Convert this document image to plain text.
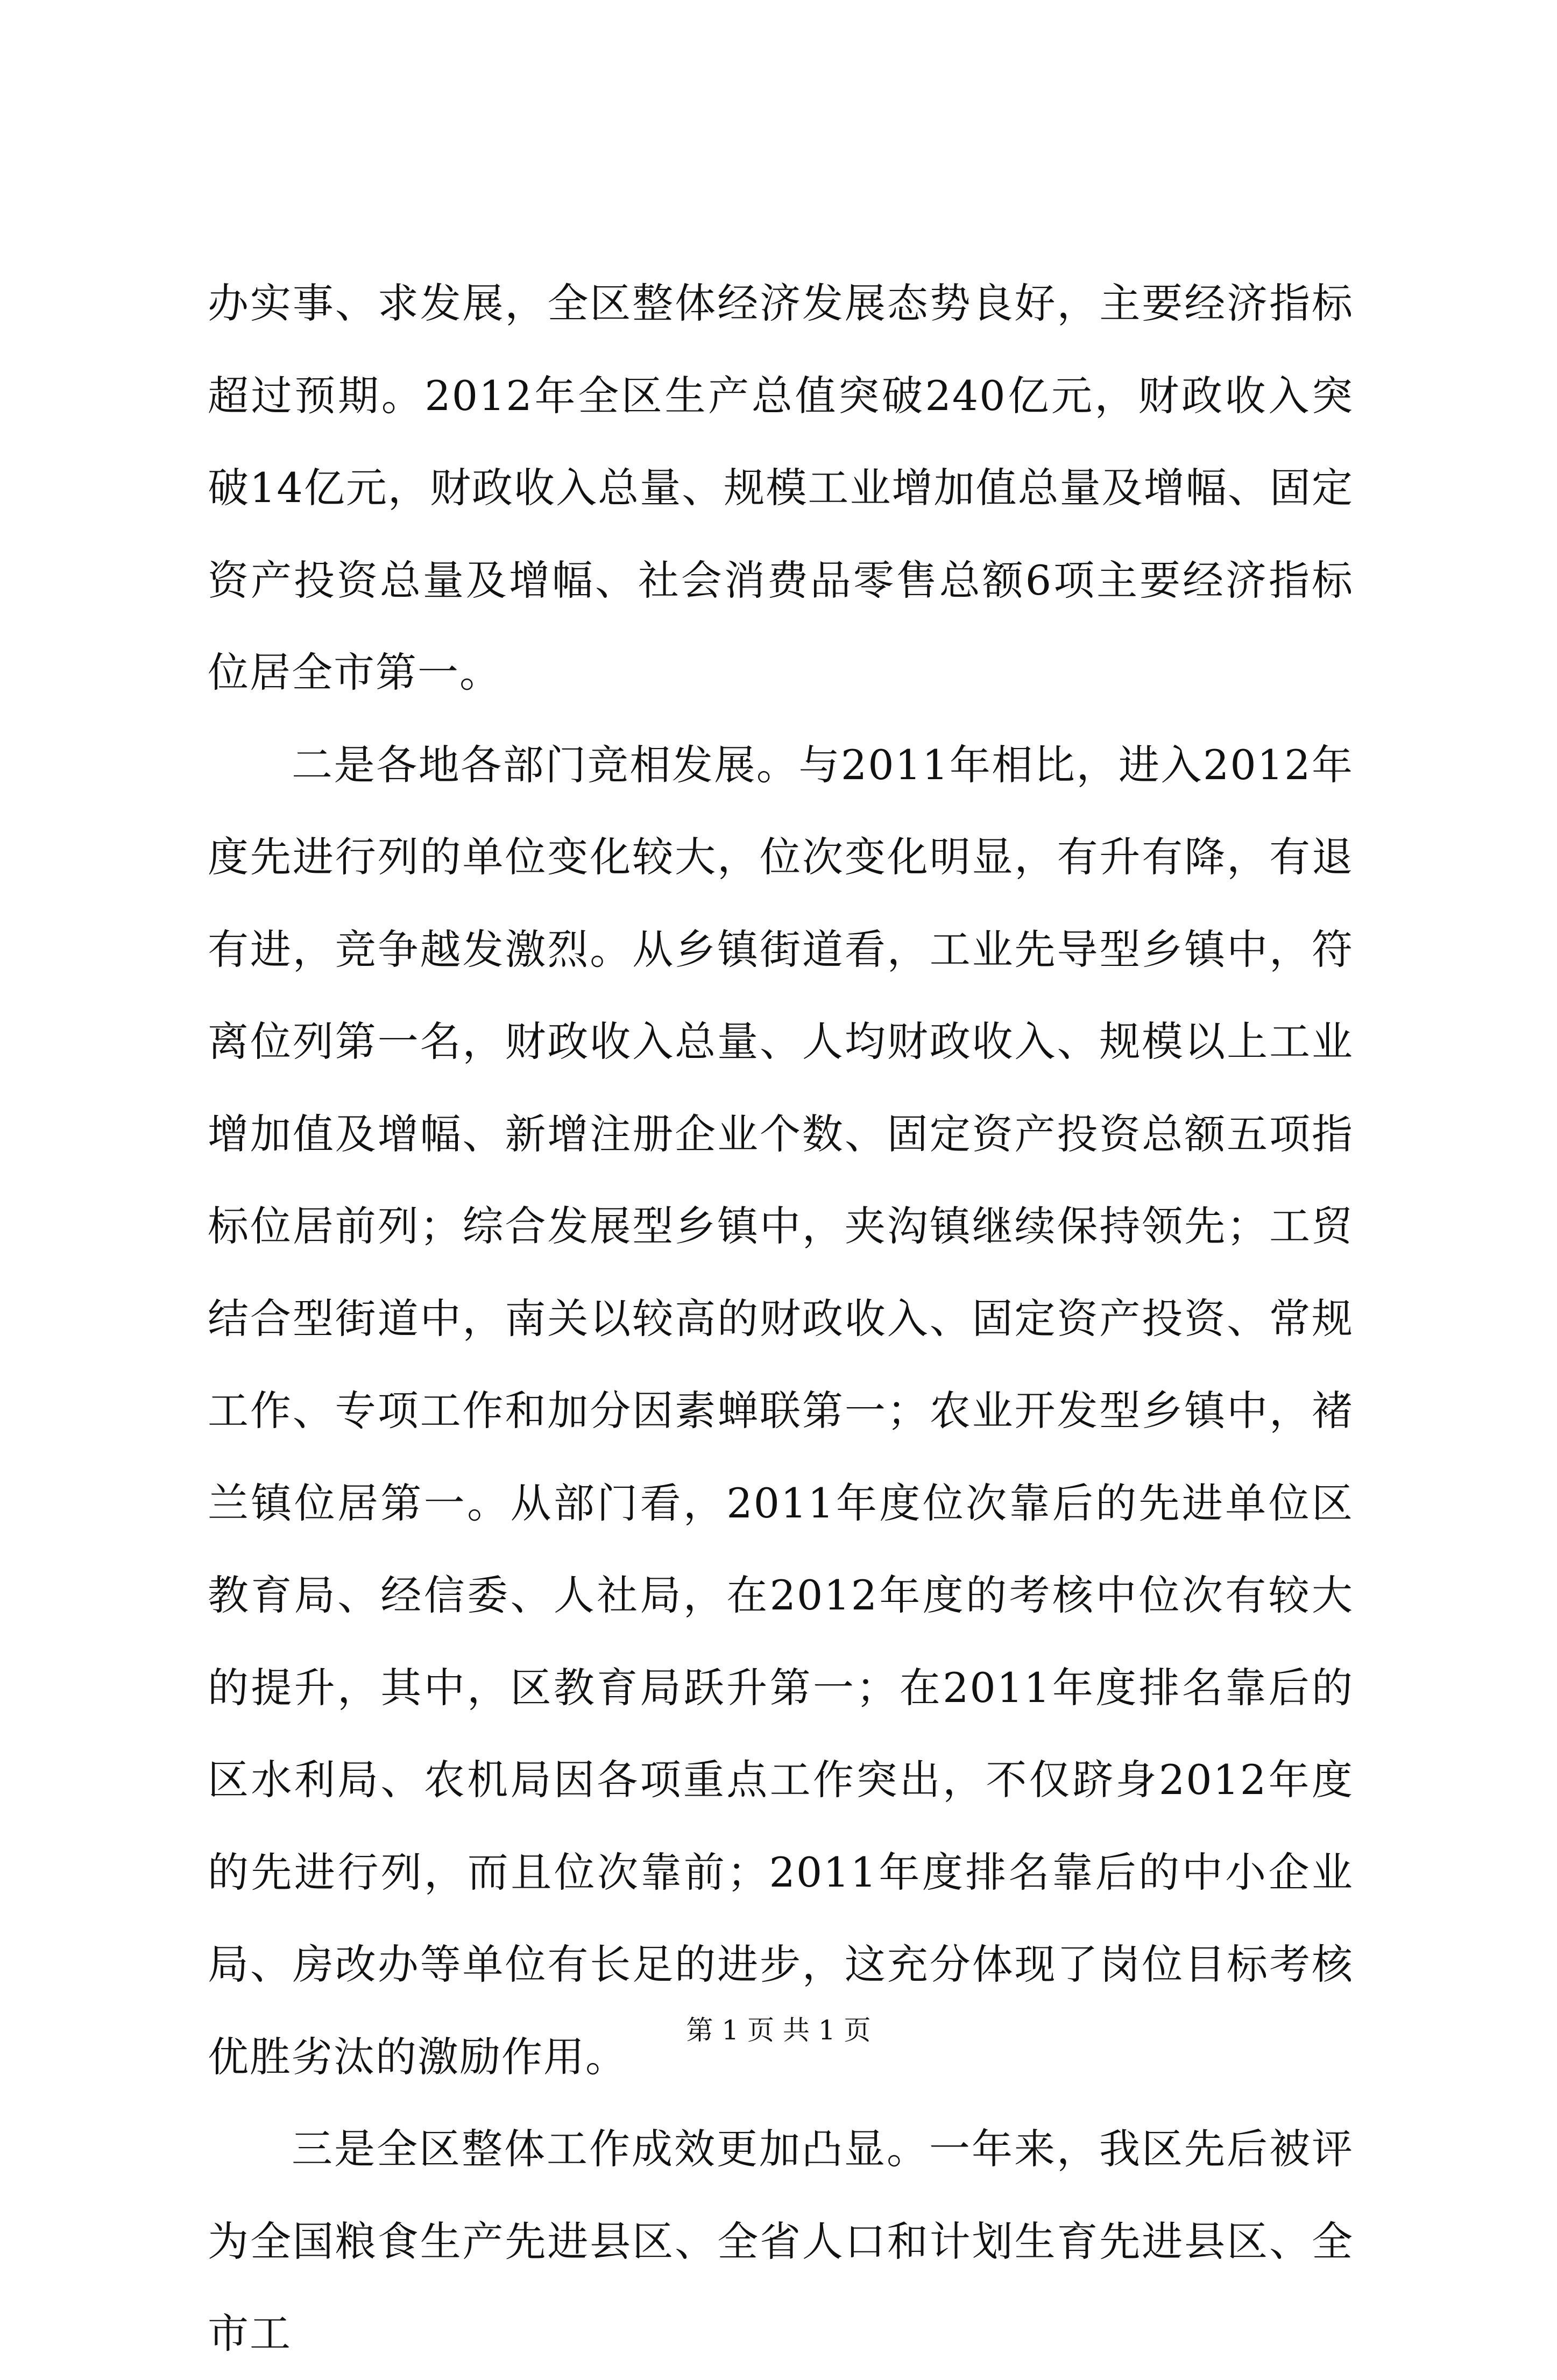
办实事、求发展，全区整体经济发展态势良好，主要经济指标超过预期。2012年全区生产总值突破240亿元，财政收入突破14亿元，财政收入总量、规模工业增加值总量及增幅、固定资产投资总量及增幅、社会消费品零售总额6项主要经济指标位居全市第一。

二是各地各部门竞相发展。与2011年相比，进入2012年度先进行列的单位变化较大，位次变化明显，有升有降，有退有进，竞争越发激烈。从乡镇街道看，工业先导型乡镇中，符离位列第一名，财政收入总量、人均财政收入、规模以上工业增加值及增幅、新增注册企业个数、固定资产投资总额五项指标位居前列；综合发展型乡镇中，夹沟镇继续保持领先；工贸结合型街道中，南关以较高的财政收入、固定资产投资、常规工作、专项工作和加分因素蝉联第一；农业开发型乡镇中，褚兰镇位居第一。从部门看，2011年度位次靠后的先进单位区教育局、经信委、人社局，在2012年度的考核中位次有较大的提升，其中，区教育局跃升第一；在2011年度排名靠后的区水利局、农机局因各项重点工作突出，不仅跻身2012年度的先进行列，而且位次靠前；2011年度排名靠后的中小企业局、房改办等单位有长足的进步，这充分体现了岗位目标考核优胜劣汰的激励作用。

三是全区整体工作成效更加凸显。一年来，我区先后被评为全国粮食生产先进县区、全省人口和计划生育先进县区、全市工

第 1 页 共 1 页
